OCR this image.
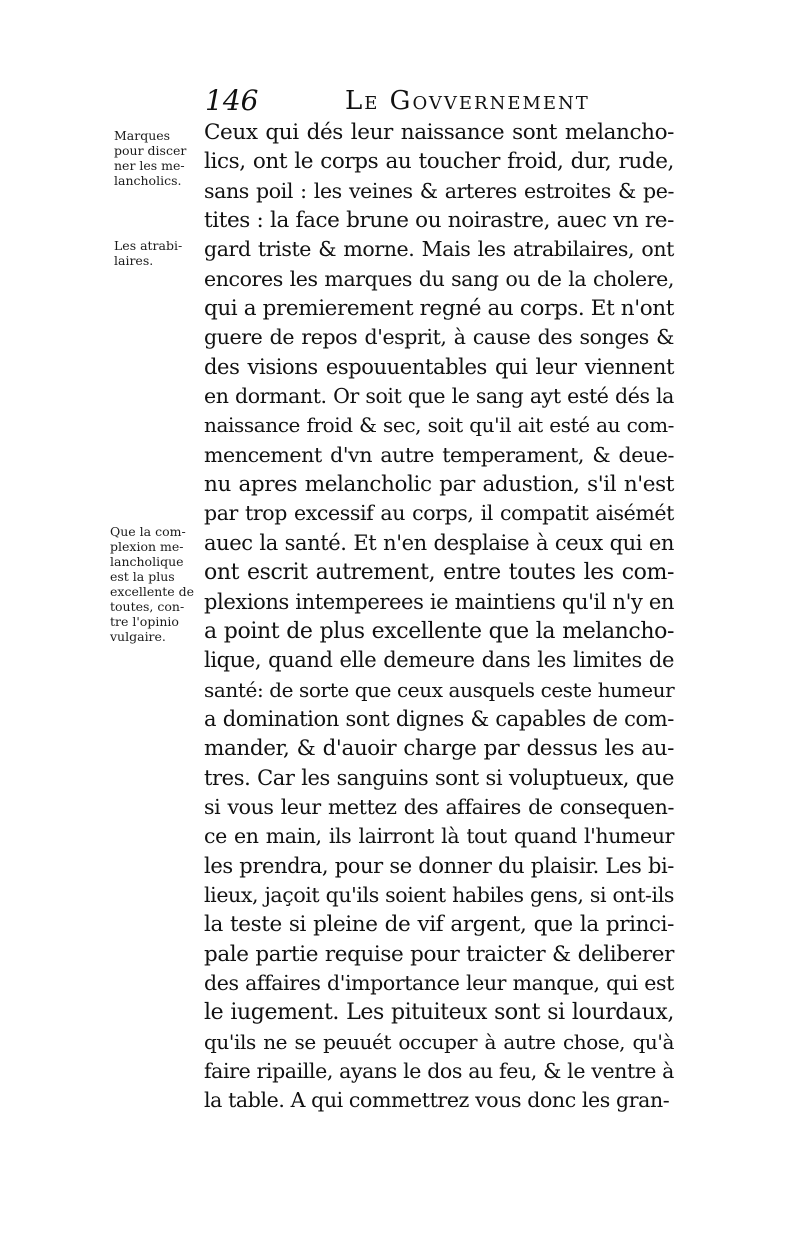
146	Le Govvernement
Marques
pour discer
ner les me-
lancholics.
Les atrabi-
laires.
Que la com-
plexion me-
lancholique
est la plus
excellente de
toutes, con-
tre l'opinio
vulgaire.
Ceux qui dés leur naissance sont melancho-
lics, ont le corps au toucher froid, dur, rude,
sans poil : les veines & arteres estroites & pe-
tites : la face brune ou noirastre, auec vn re-
gard triste & morne. Mais les atrabilaires, ont
encores les marques du sang ou de la cholere,
qui a premierement regné au corps. Et n'ont
guere de repos d'esprit, à cause des songes &
des visions espouuentables qui leur viennent
en dormant. Or soit que le sang ayt esté dés la
naissance froid & sec, soit qu'il ait esté au com-
mencement d'vn autre temperament, & deue-
nu apres melancholic par adustion, s'il n'est
par trop excessif au corps, il compatit aisémét
auec la santé. Et n'en desplaise à ceux qui en
ont escrit autrement, entre toutes les com-
plexions intemperees ie maintiens qu'il n'y en
a point de plus excellente que la melancho-
lique, quand elle demeure dans les limites de
santé: de sorte que ceux ausquels ceste humeur
a domination sont dignes & capables de com-
mander, & d'auoir charge par dessus les au-
tres. Car les sanguins sont si voluptueux, que
si vous leur mettez des affaires de consequen-
ce en main, ils lairront là tout quand l'humeur
les prendra, pour se donner du plaisir. Les bi-
lieux, jaçoit qu'ils soient habiles gens, si ont-ils
la teste si pleine de vif argent, que la princi-
pale partie requise pour traicter & deliberer
des affaires d'importance leur manque, qui est
le iugement. Les pituiteux sont si lourdaux,
qu'ils ne se peuuét occuper à autre chose, qu'à
faire ripaille, ayans le dos au feu, & le ventre à
la table. A qui commettrez vous donc les gran-
